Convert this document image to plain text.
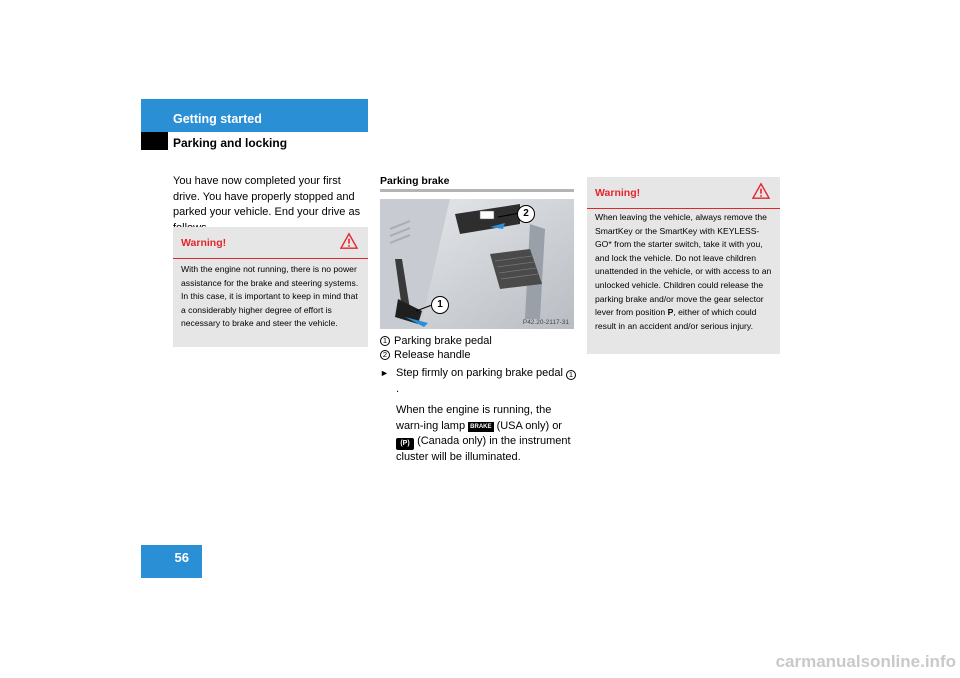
Getting started
Parking and locking
You have now completed your first drive. You have properly stopped and parked your vehicle. End your drive as
Warning!
With the engine not running, there is no power assistance for the brake and steering systems. In this case, it is important to keep in mind that a considerably higher degree of effort is necessary to brake and steer the vehicle.
Parking brake
2
1
P42.20-2117-31
1 Parking brake pedal
2 Release handle
► Step firmly on parking brake pedal 1.
When the engine is running, the warn-ing lamp BRAKE (USA only) or (P) (Canada only) in the instrument cluster will be illuminated.
Warning!
When leaving the vehicle, always remove the SmartKey or the SmartKey with KEYLESS-GO* from the starter switch, take it with you, and lock the vehicle. Do not leave children unattended in the vehicle, or with access to an unlocked vehicle. Children could release the parking brake and/or move the gear selector lever from position P, either of which could result in an accident and/or serious injury.
56
carmanualsonline.info
